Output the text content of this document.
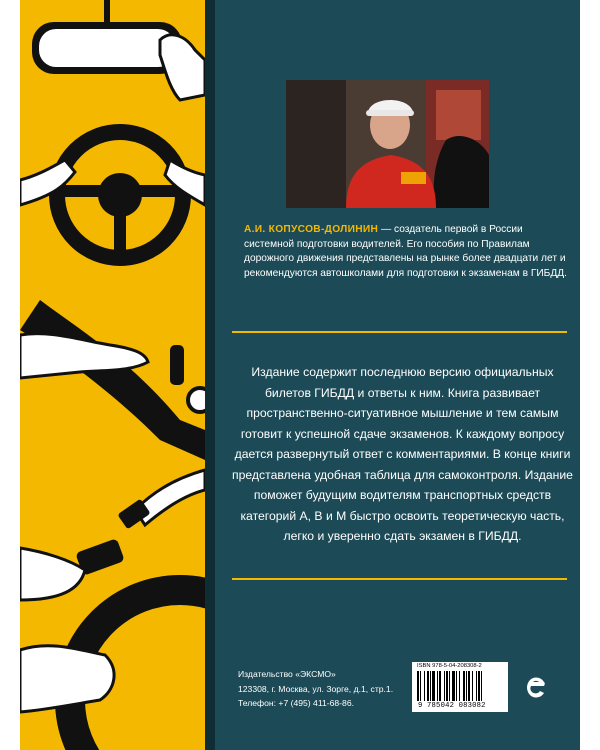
А.И. КОПУСОВ-ДОЛИНИН — создатель первой в России системной подготовки водителей. Его пособия по Правилам дорожного движения представлены на рынке более двадцати лет и рекомендуются автошколами для подготовки к экзаменам в ГИБДД.
Издание содержит последнюю версию официальных билетов ГИБДД и ответы к ним. Книга развивает пространственно-ситуативное мышление и тем самым готовит к успешной сдаче экзаменов. К каждому вопросу дается развернутый ответ с комментариями. В конце книги представлена удобная таблица для самоконтроля. Издание поможет будущим водителям транспортных средств категорий А, В и М быстро освоить теоретическую часть, легко и уверенно сдать экзамен в ГИБДД.
Издательство «ЭКСМО»
123308, г. Москва, ул. Зорге, д.1, стр.1.
Телефон: +7 (495) 411-68-86.
ISBN 978-5-04-208308-2
9 785042 083082
